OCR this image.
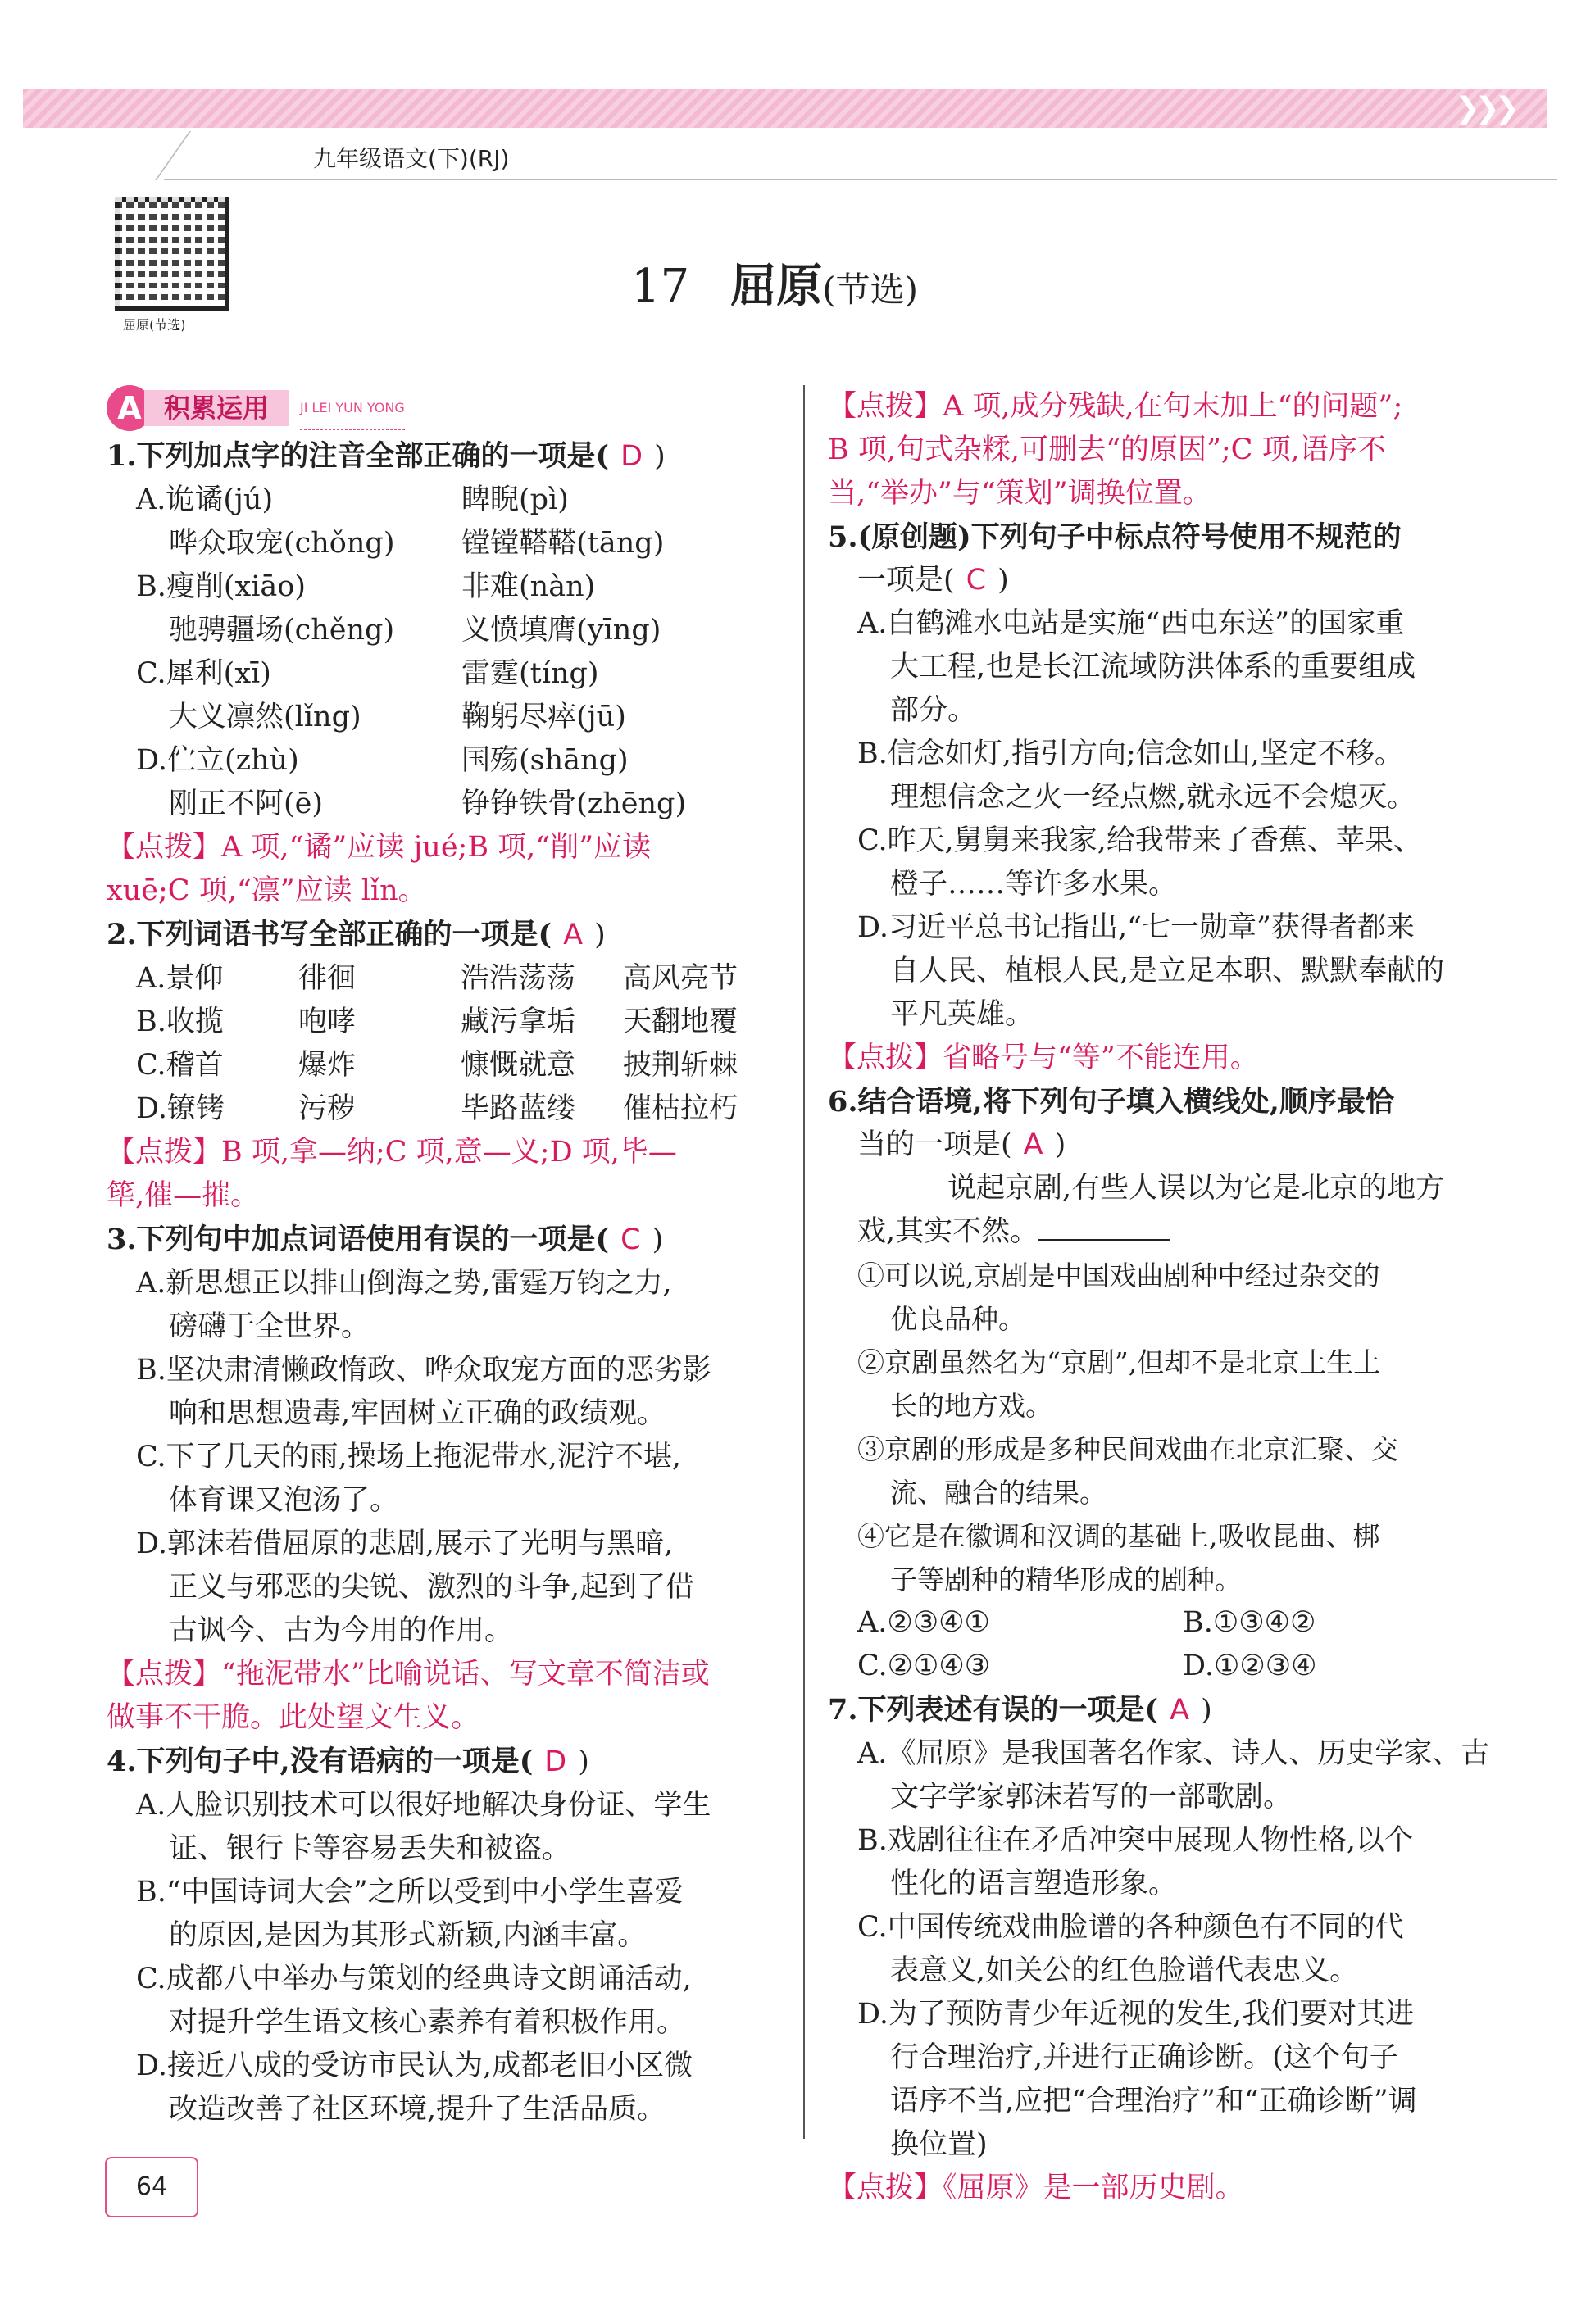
❯❯❯
九年级语文(下)(RJ)
屈原(节选)
17 屈原(节选)
A 积累运用 JI LEI YUN YONG

1.下列加点字的注音全部正确的一项是( D )

A.诡谲(jú)	睥睨(pì)
哗众取宠(chǒng)	镗镗鞳鞳(tāng)
B.瘦削(xiāo)	非难(nàn)
驰骋疆场(chěng)	义愤填膺(yīng)
C.犀利(xī)	雷霆(tíng)
大义凛然(lǐng)	鞠躬尽瘁(jū)
D.伫立(zhù)	国殇(shāng)
刚正不阿(ē)	铮铮铁骨(zhēng)
【点拨】A 项,“谲”应读 jué;B 项,“削”应读
xuē;C 项,“凛”应读 lǐn。

2.下列词语书写全部正确的一项是( A )

A.景仰	徘徊	浩浩荡荡	高风亮节
B.收揽	咆哮	藏污拿垢	天翻地覆
C.稽首	爆炸	慷慨就意	披荆斩棘
D.镣铐	污秽	毕路蓝缕	催枯拉朽
【点拨】B 项,拿—纳;C 项,意—义;D 项,毕—
筚,催—摧。

3.下列句中加点词语使用有误的一项是( C )

A.新思想正以排山倒海之势,雷霆万钧之力,
磅礴于全世界。
B.坚决肃清懒政惰政、哗众取宠方面的恶劣影
响和思想遗毒,牢固树立正确的政绩观。
C.下了几天的雨,操场上拖泥带水,泥泞不堪,
体育课又泡汤了。
D.郭沫若借屈原的悲剧,展示了光明与黑暗,
正义与邪恶的尖锐、激烈的斗争,起到了借
古讽今、古为今用的作用。
【点拨】“拖泥带水”比喻说话、写文章不简洁或
做事不干脆。此处望文生义。

4.下列句子中,没有语病的一项是( D )

A.人脸识别技术可以很好地解决身份证、学生
证、银行卡等容易丢失和被盗。
B.“中国诗词大会”之所以受到中小学生喜爱
的原因,是因为其形式新颖,内涵丰富。
C.成都八中举办与策划的经典诗文朗诵活动,
对提升学生语文核心素养有着积极作用。
D.接近八成的受访市民认为,成都老旧小区微
改造改善了社区环境,提升了生活品质。
【点拨】A 项,成分残缺,在句末加上“的问题”;
B 项,句式杂糅,可删去“的原因”;C 项,语序不
当,“举办”与“策划”调换位置。
5.(原创题)下列句子中标点符号使用不规范的

一项是( C )

A.白鹤滩水电站是实施“西电东送”的国家重
大工程,也是长江流域防洪体系的重要组成
部分。
B.信念如灯,指引方向;信念如山,坚定不移。
理想信念之火一经点燃,就永远不会熄灭。
C.昨天,舅舅来我家,给我带来了香蕉、苹果、
橙子……等许多水果。
D.习近平总书记指出,“七一勋章”获得者都来
自人民、植根人民,是立足本职、默默奉献的
平凡英雄。
【点拨】省略号与“等”不能连用。
6.结合语境,将下列句子填入横线处,顺序最恰

当的一项是( A )

说起京剧,有些人误以为它是北京的地方
戏,其实不然。
①可以说,京剧是中国戏曲剧种中经过杂交的
优良品种。
②京剧虽然名为“京剧”,但却不是北京土生土
长的地方戏。
③京剧的形成是多种民间戏曲在北京汇聚、交
流、融合的结果。
④它是在徽调和汉调的基础上,吸收昆曲、梆
子等剧种的精华形成的剧种。
A.②③④①	B.①③④②
C.②①④③	D.①②③④

7.下列表述有误的一项是( A )

A.《屈原》是我国著名作家、诗人、历史学家、古
文字学家郭沫若写的一部歌剧。
B.戏剧往往在矛盾冲突中展现人物性格,以个
性化的语言塑造形象。
C.中国传统戏曲脸谱的各种颜色有不同的代
表意义,如关公的红色脸谱代表忠义。
D.为了预防青少年近视的发生,我们要对其进
行合理治疗,并进行正确诊断。(这个句子
语序不当,应把“合理治疗”和“正确诊断”调
换位置)
【点拨】《屈原》是一部历史剧。
64
